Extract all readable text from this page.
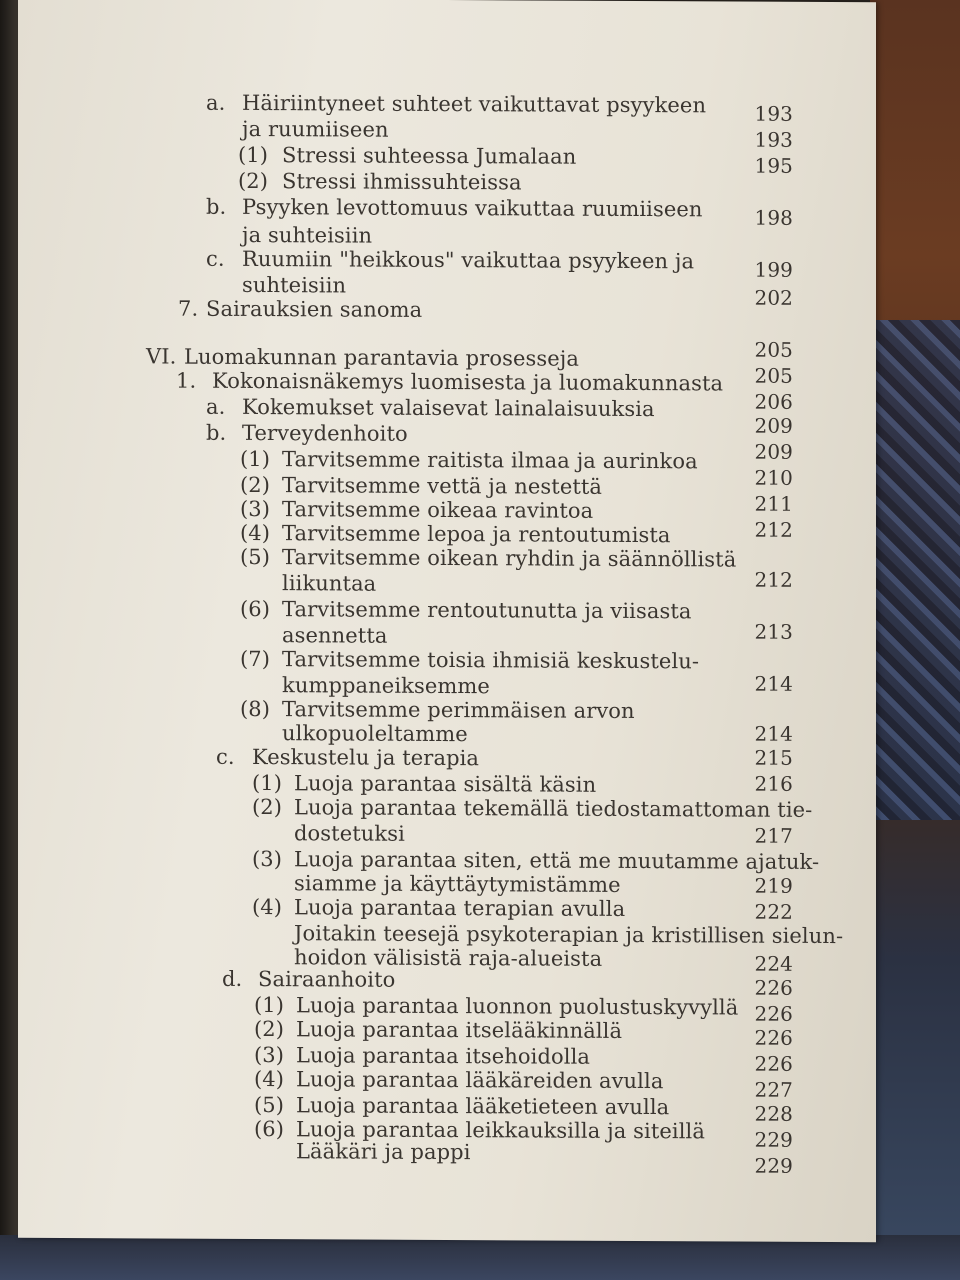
a. Häiriintyneet suhteet vaikuttavat psyykeen
ja ruumiiseen
(1) Stressi suhteessa Jumalaan
(2) Stressi ihmissuhteissa
b. Psyyken levottomuus vaikuttaa ruumiiseen
ja suhteisiin
c. Ruumiin "heikkous" vaikuttaa psyykeen ja
suhteisiin
7. Sairauksien sanoma
VI. Luomakunnan parantavia prosesseja
1. Kokonaisnäkemys luomisesta ja luomakunnasta
a. Kokemukset valaisevat lainalaisuuksia
b. Terveydenhoito
(1) Tarvitsemme raitista ilmaa ja aurinkoa
(2) Tarvitsemme vettä ja nestettä
(3) Tarvitsemme oikeaa ravintoa
(4) Tarvitsemme lepoa ja rentoutumista
(5) Tarvitsemme oikean ryhdin ja säännöllistä
liikuntaa
(6) Tarvitsemme rentoutunutta ja viisasta
asennetta
(7) Tarvitsemme toisia ihmisiä keskustelu-
kumppaneiksemme
(8) Tarvitsemme perimmäisen arvon
ulkopuoleltamme
c. Keskustelu ja terapia
(1) Luoja parantaa sisältä käsin
(2) Luoja parantaa tekemällä tiedostamattoman tie-
dostetuksi
(3) Luoja parantaa siten, että me muutamme ajatuk-
siamme ja käyttäytymistämme
(4) Luoja parantaa terapian avulla
Joitakin teesejä psykoterapian ja kristillisen sielun-
hoidon välisistä raja-alueista
d. Sairaanhoito
(1) Luoja parantaa luonnon puolustuskyvyllä
(2) Luoja parantaa itselääkinnällä
(3) Luoja parantaa itsehoidolla
(4) Luoja parantaa lääkäreiden avulla
(5) Luoja parantaa lääketieteen avulla
(6) Luoja parantaa leikkauksilla ja siteillä
Lääkäri ja pappi
193
193
195
198
199
202
205
205
206
209
209
210
211
212
212
213
214
214
215
216
217
219
222
224
226
226
226
226
227
228
229
229
